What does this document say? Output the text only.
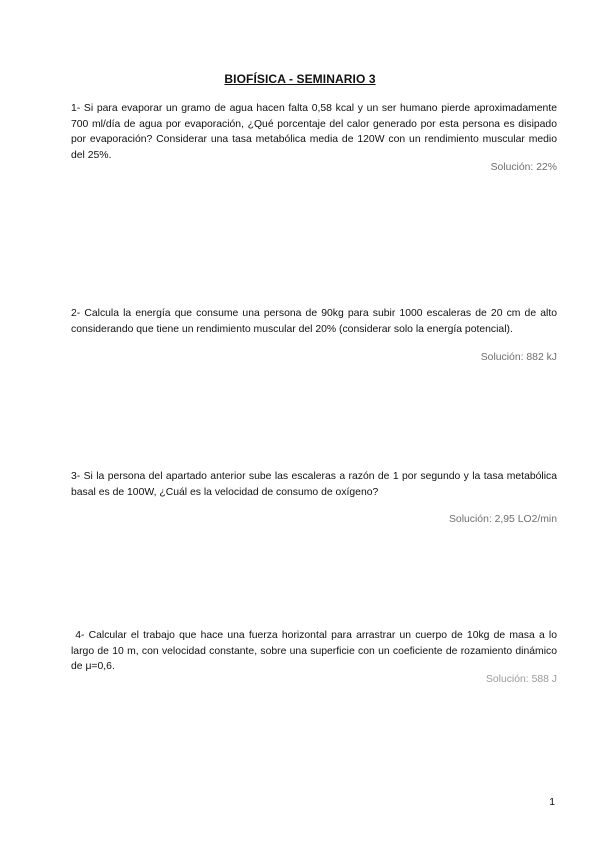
BIOFÍSICA - SEMINARIO 3
1- Si para evaporar un gramo de agua hacen falta 0,58 kcal y un ser humano pierde aproximadamente 700 ml/día de agua por evaporación, ¿Qué porcentaje del calor generado por esta persona es disipado por evaporación? Considerar una tasa metabólica media de 120W con un rendimiento muscular medio del 25%.
Solución: 22%
2- Calcula la energía que consume una persona de 90kg para subir 1000 escaleras de 20 cm de alto considerando que tiene un rendimiento muscular del 20% (considerar solo la energía potencial).
Solución: 882 kJ
3- Si la persona del apartado anterior sube las escaleras a razón de 1 por segundo y la tasa metabólica basal es de 100W, ¿Cuál es la velocidad de consumo de oxígeno?
Solución: 2,95 LO2/min
4- Calcular el trabajo que hace una fuerza horizontal para arrastrar un cuerpo de 10kg de masa a lo largo de 10 m, con velocidad constante, sobre una superficie con un coeficiente de rozamiento dinámico de μ=0,6.
Solución: 588 J
1
